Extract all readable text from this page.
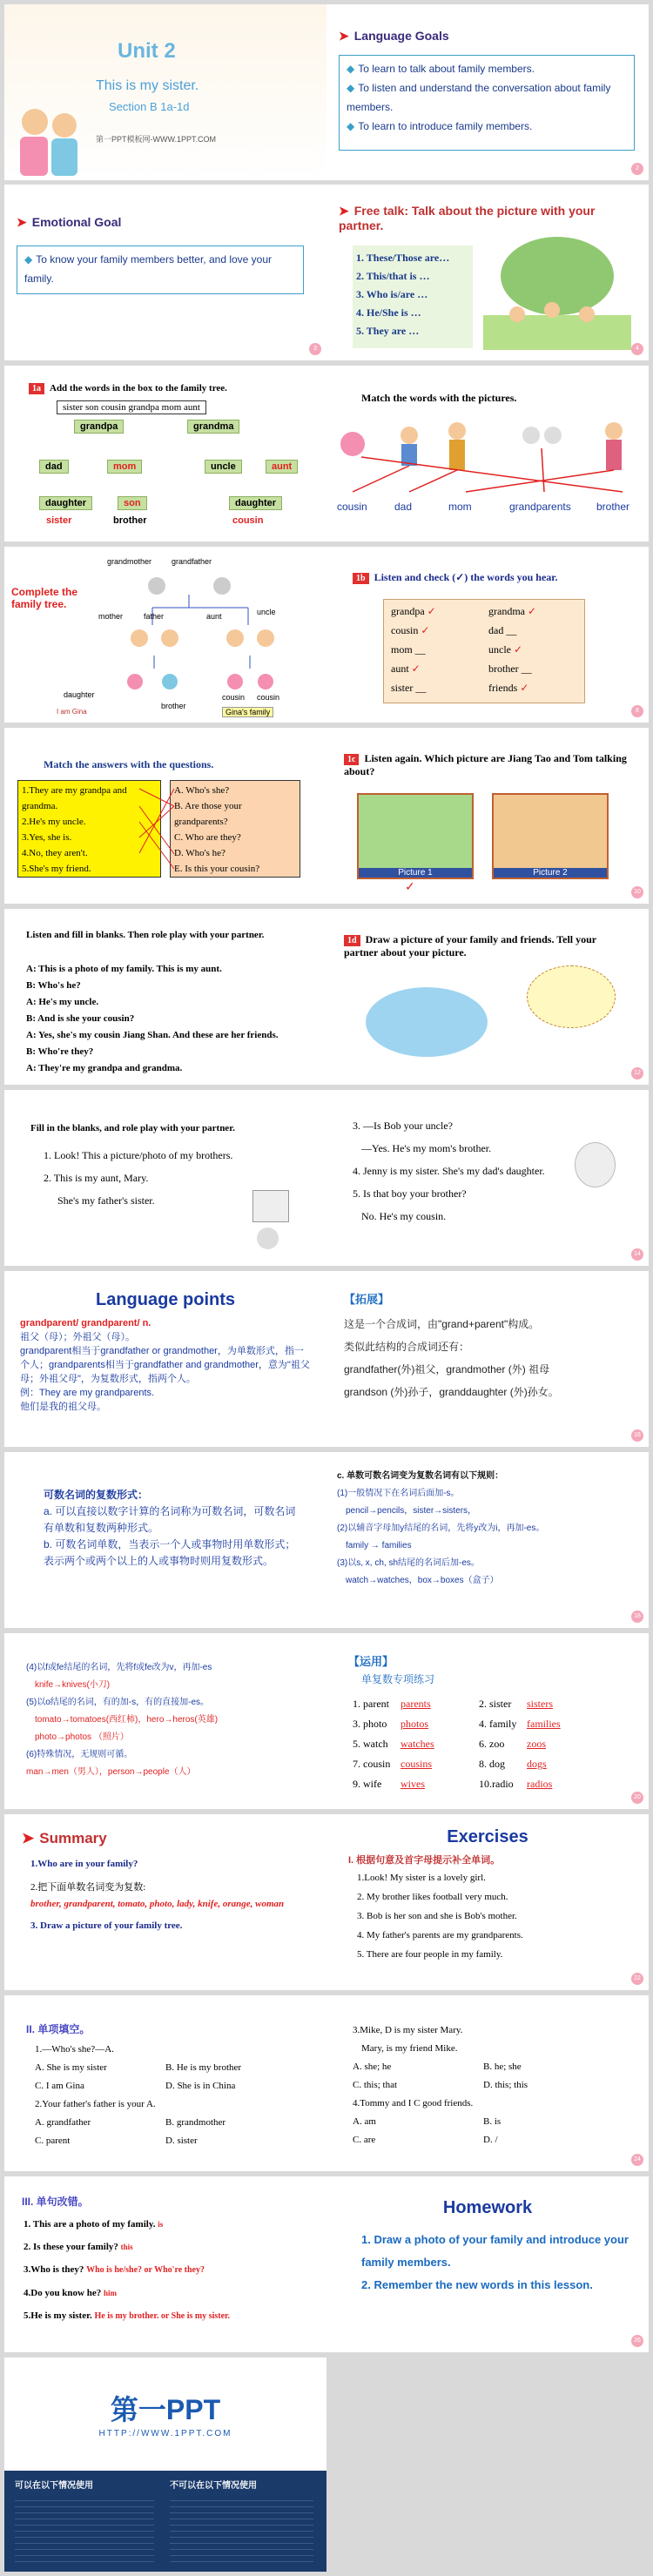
Unit 2
This is my sister.
Section B 1a-1d
第一PPT模板网-WWW.1PPT.COM
➤ Language Goals
◆ To learn to talk about family members.
◆ To listen and understand the conversation about family members.
◆ To learn to introduce family members.
2
➤ Emotional Goal
◆ To know your family members better, and love your family.
3
➤ Free talk: Talk about the picture with your partner.
1. These/Those are…
2. This/that is …
3. Who is/are …
4. He/She is …
5. They are …
4
1a Add the words in the box to the family tree.
sister son cousin grandpa mom aunt
grandpa	grandma
dad	mom	uncle	aunt
daughter	son	daughter
sister	brother	cousin
Match the words with the pictures.
cousin	dad	mom	grandparents brother
Complete the family tree.
grandmother	grandfather
mother	father	aunt	uncle
daughter
brother
cousin cousin
I am Gina	Gina's family
1b Listen and check (✓) the words you hear.
grandpa ✓	grandma ✓
cousin ✓	dad __
mom __	uncle ✓
aunt ✓	brother __
sister __	friends ✓
8
Match the answers with the questions.
1.They are my grandpa and grandma.
2.He's my uncle.
3.Yes, she is.
4.No, they aren't.
5.She's my friend.
A. Who's she?
B. Are those your grandparents?
C. Who are they?
D. Who's he?
E. Is this your cousin?
1c Listen again. Which picture are Jiang Tao and Tom talking about?
Picture 1	Picture 2
✓	10
Listen and fill in blanks. Then role play with your partner.
A: This is a photo of my family. This is my aunt.
B: Who's he?
A: He's my uncle.
B: And is she your cousin?
A: Yes, she's my cousin Jiang Shan. And these are her friends.
B: Who're they?
A: They're my grandpa and grandma.
1d Draw a picture of your family and friends. Tell your partner about your picture.
12
Fill in the blanks, and role play with your partner.
1. Look! This a picture/photo of my brothers.
2. This is my aunt, Mary.
She's my father's sister.
3. —Is Bob your uncle?
—Yes. He's my mom's brother.
4. Jenny is my sister. She's my dad's daughter.
5. Is that boy your brother?
No. He's my cousin.
14
Language points
grandparent/ grandparent/ n.
祖父（母）；外祖父（母）。
grandparent相当于grandfather or grandmother，为单数形式，指一个人；grandparents相当于grandfather and grandmother，意为"祖父母；外祖父母"，为复数形式，指两个人。
例：They are my grandparents.
他们是我的祖父母。
【拓展】
这是一个合成词，由"grand+parent"构成。
类似此结构的合成词还有：
grandfather(外)祖父，grandmother (外) 祖母
grandson (外)孙子，granddaughter (外)孙女。
16
可数名词的复数形式：
a. 可以直接以数字计算的名词称为可数名词，可数名词有单数和复数两种形式。
b. 可数名词单数，当表示一个人或事物时用单数形式；表示两个或两个以上的人或事物时则用复数形式。
c. 单数可数名词变为复数名词有以下规则：
(1)一般情况下在名词后面加-s。
pencil→pencils，sister→sisters，
(2)以辅音字母加y结尾的名词，先将y改为i，再加-es。
family → families
(3)以s, x, ch, sh结尾的名词后加-es。
watch→watches，box→boxes（盒子）
18
(4)以f或fe结尾的名词，先将f或fe改为v，再加-es
knife→knives(小刀)
(5)以o结尾的名词，有的加-s，有的直接加-es。
tomato→tomatoes(西红柿)，hero→heros(英雄)
photo→photos （照片）
(6)特殊情况，无规则可循。
man→men（男人），person→people（人）
【运用】
单复数专项练习
1. parent parents	2. sister sisters
3. photo photos	4. family families
5. watch watches	6. zoo zoos
7. cousin cousins	8. dog dogs
9. wife wives	10.radio radios
20
➤ Summary
1.Who are in your family?
2.把下面单数名词变为复数:
brother, grandparent, tomato, photo, lady, knife, orange, woman
3. Draw a picture of your family tree.
Exercises
I. 根据句意及首字母提示补全单词。
1.Look! My sister is a lovely girl.
2. My brother likes football very much.
3. Bob is her son and she is Bob's mother.
4. My father's parents are my grandparents.
5. There are four people in my family.
22
II. 单项填空。
1.—Who's she?—A.
A. She is my sister	B. He is my brother
C. I am Gina	D. She is in China
2.Your father's father is your A.
A. grandfather	B. grandmother
C. parent	D. sister
3.Mike, D is my sister Mary.
Mary, is my friend Mike.
A. she; he	B. he; she
C. this; that	D. this; this
4.Tommy and I C good friends.
A. am	B. is
C. are	D. /
24
III. 单句改错。
1. This are a photo of my family. is
2. Is these your family? this
3.Who is they? Who is he/she? or Who're they?
4.Do you know he? him
5.He is my sister. He is my brother. or She is my sister.
Homework
1. Draw a photo of your family and introduce your family members.
2. Remember the new words in this lesson.
26
第一PPT
HTTP://WWW.1PPT.COM
可以在以下情况使用	不可以在以下情况使用
